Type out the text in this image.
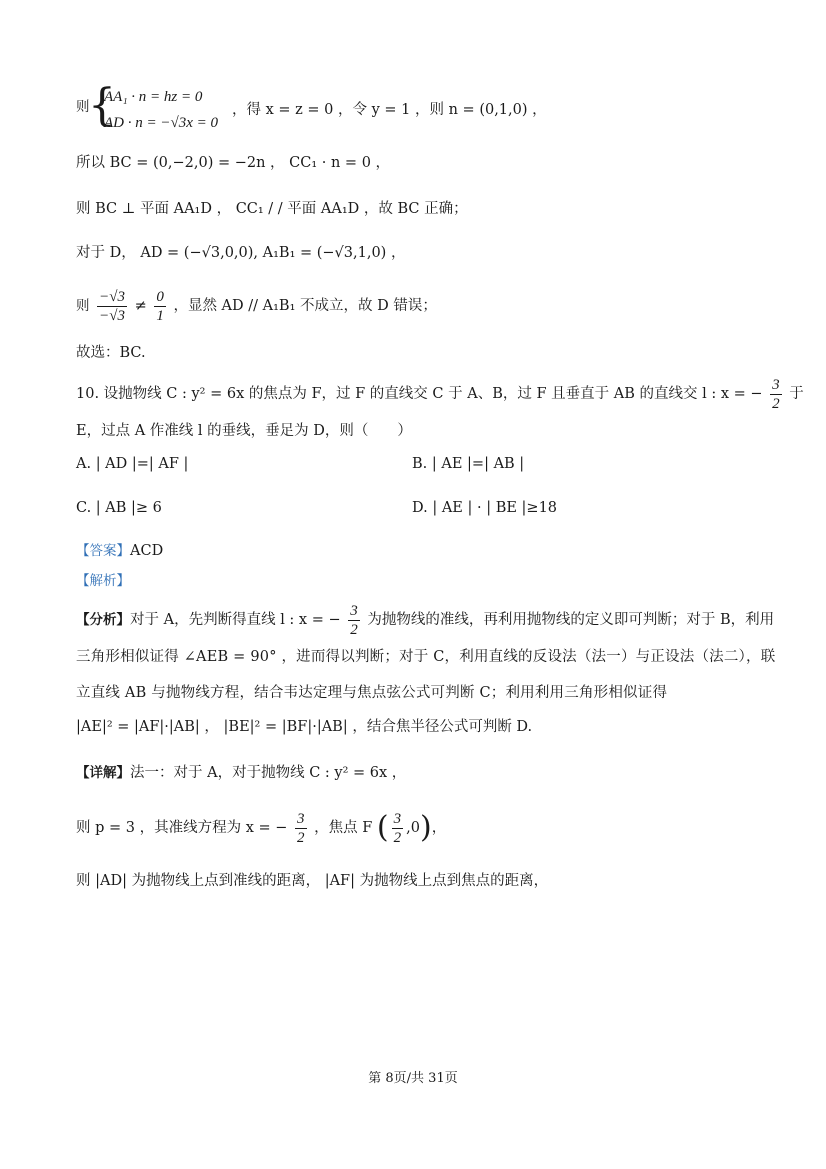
则
{
AA₁ · n = hz = 0
AD · n = −√3x = 0
，得 x = z = 0 ，令 y = 1 ，则 n = (0,1,0) ，
所以 BC = (0,−2,0) = −2n ， CC₁ · n = 0 ，
则 BC ⊥ 平面 AA₁D ， CC₁ / / 平面 AA₁D ，故 BC 正确；
对于 D， AD = (−√3,0,0), A₁B₁ = (−√3,1,0) ，
则 $\frac{-√3}{-√3} \ne \frac{0}{1}$ ，显然 AD // A₁B₁ 不成立，故 D 错误；
故选：BC.
10. 设抛物线 C : y² = 6x 的焦点为 F，过 F 的直线交 C 于 A、B，过 F 且垂直于 AB 的直线交 l : x = − $\frac{3}{2}$ 于
E，过点 A 作准线 l 的垂线，垂足为 D，则（　　）
A. | AD |=| AF |	B. | AE |=| AB |
C. | AB |≥ 6	D. | AE | · | BE |≥18
【答案】ACD
【解析】
【分析】对于 A，先判断得直线 l : x = − $\frac{3}{2}$ 为抛物线的准线，再利用抛物线的定义即可判断；对于 B，利用
三角形相似证得 ∠AEB = 90° ，进而得以判断；对于 C，利用直线的反设法（法一）与正设法（法二），联
立直线 AB 与抛物线方程，结合韦达定理与焦点弦公式可判断 C；利用利用三角形相似证得
|AE|² = |AF|·|AB| ， |BE|² = |BF|·|AB| ，结合焦半径公式可判断 D.
【详解】法一：对于 A，对于抛物线 C : y² = 6x ，
则 p = 3 ，其准线方程为 x = − $\frac{3}{2}$ ，焦点 F ( $\frac{3}{2} ,0$)，
则 |AD| 为抛物线上点到准线的距离， |AF| 为抛物线上点到焦点的距离，
第 8页/共 31页
